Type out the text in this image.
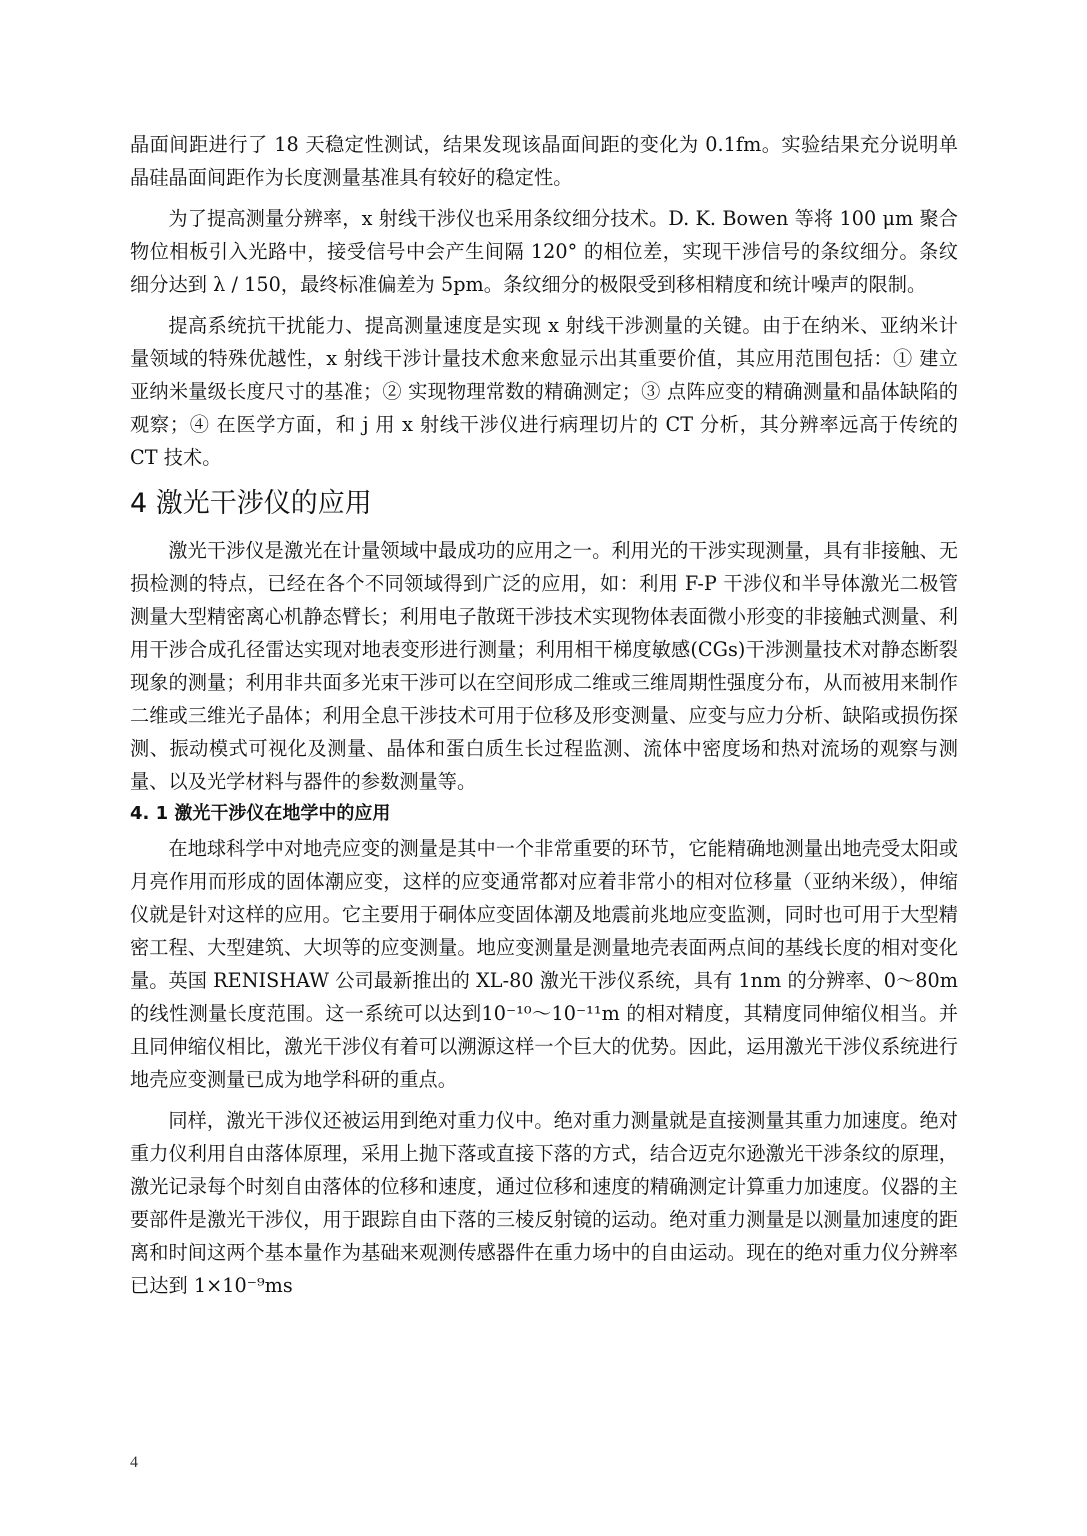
晶面间距进行了 18 天稳定性测试，结果发现该晶面间距的变化为 0.1fm。实验结果充分说明单晶硅晶面间距作为长度测量基准具有较好的稳定性。

为了提高测量分辨率，x 射线干涉仪也采用条纹细分技术。D. K. Bowen 等将 100 μm 聚合物位相板引入光路中，接受信号中会产生间隔 120° 的相位差，实现干涉信号的条纹细分。条纹细分达到 λ / 150，最终标准偏差为 5pm。条纹细分的极限受到移相精度和统计噪声的限制。

提高系统抗干扰能力、提高测量速度是实现 x 射线干涉测量的关键。由于在纳米、亚纳米计量领域的特殊优越性，x 射线干涉计量技术愈来愈显示出其重要价值，其应用范围包括：① 建立亚纳米量级长度尺寸的基准；② 实现物理常数的精确测定；③ 点阵应变的精确测量和晶体缺陷的观察；④ 在医学方面，和 j 用 x 射线干涉仪进行病理切片的 CT 分析，其分辨率远高于传统的 CT 技术。

4 激光干涉仪的应用

激光干涉仪是激光在计量领域中最成功的应用之一。利用光的干涉实现测量，具有非接触、无损检测的特点，已经在各个不同领域得到广泛的应用，如：利用 F-P 干涉仪和半导体激光二极管测量大型精密离心机静态臂长；利用电子散斑干涉技术实现物体表面微小形变的非接触式测量、利用干涉合成孔径雷达实现对地表变形进行测量；利用相干梯度敏感(CGs)干涉测量技术对静态断裂现象的测量；利用非共面多光束干涉可以在空间形成二维或三维周期性强度分布，从而被用来制作二维或三维光子晶体；利用全息干涉技术可用于位移及形变测量、应变与应力分析、缺陷或损伤探测、振动模式可视化及测量、晶体和蛋白质生长过程监测、流体中密度场和热对流场的观察与测量、以及光学材料与器件的参数测量等。

4. 1 激光干涉仪在地学中的应用

在地球科学中对地壳应变的测量是其中一个非常重要的环节，它能精确地测量出地壳受太阳或月亮作用而形成的固体潮应变，这样的应变通常都对应着非常小的相对位移量（亚纳米级），伸缩仪就是针对这样的应用。它主要用于硐体应变固体潮及地震前兆地应变监测，同时也可用于大型精密工程、大型建筑、大坝等的应变测量。地应变测量是测量地壳表面两点间的基线长度的相对变化量。英国 RENISHAW 公司最新推出的 XL-80 激光干涉仪系统，具有 1nm 的分辨率、0～80m 的线性测量长度范围。这一系统可以达到10⁻¹⁰～10⁻¹¹m 的相对精度，其精度同伸缩仪相当。并且同伸缩仪相比，激光干涉仪有着可以溯源这样一个巨大的优势。因此，运用激光干涉仪系统进行地壳应变测量已成为地学科研的重点。

同样，激光干涉仪还被运用到绝对重力仪中。绝对重力测量就是直接测量其重力加速度。绝对重力仪利用自由落体原理，采用上抛下落或直接下落的方式，结合迈克尔逊激光干涉条纹的原理，激光记录每个时刻自由落体的位移和速度，通过位移和速度的精确测定计算重力加速度。仪器的主要部件是激光干涉仪，用于跟踪自由下落的三棱反射镜的运动。绝对重力测量是以测量加速度的距离和时间这两个基本量作为基础来观测传感器件在重力场中的自由运动。现在的绝对重力仪分辨率已达到 1×10⁻⁹ms

4
